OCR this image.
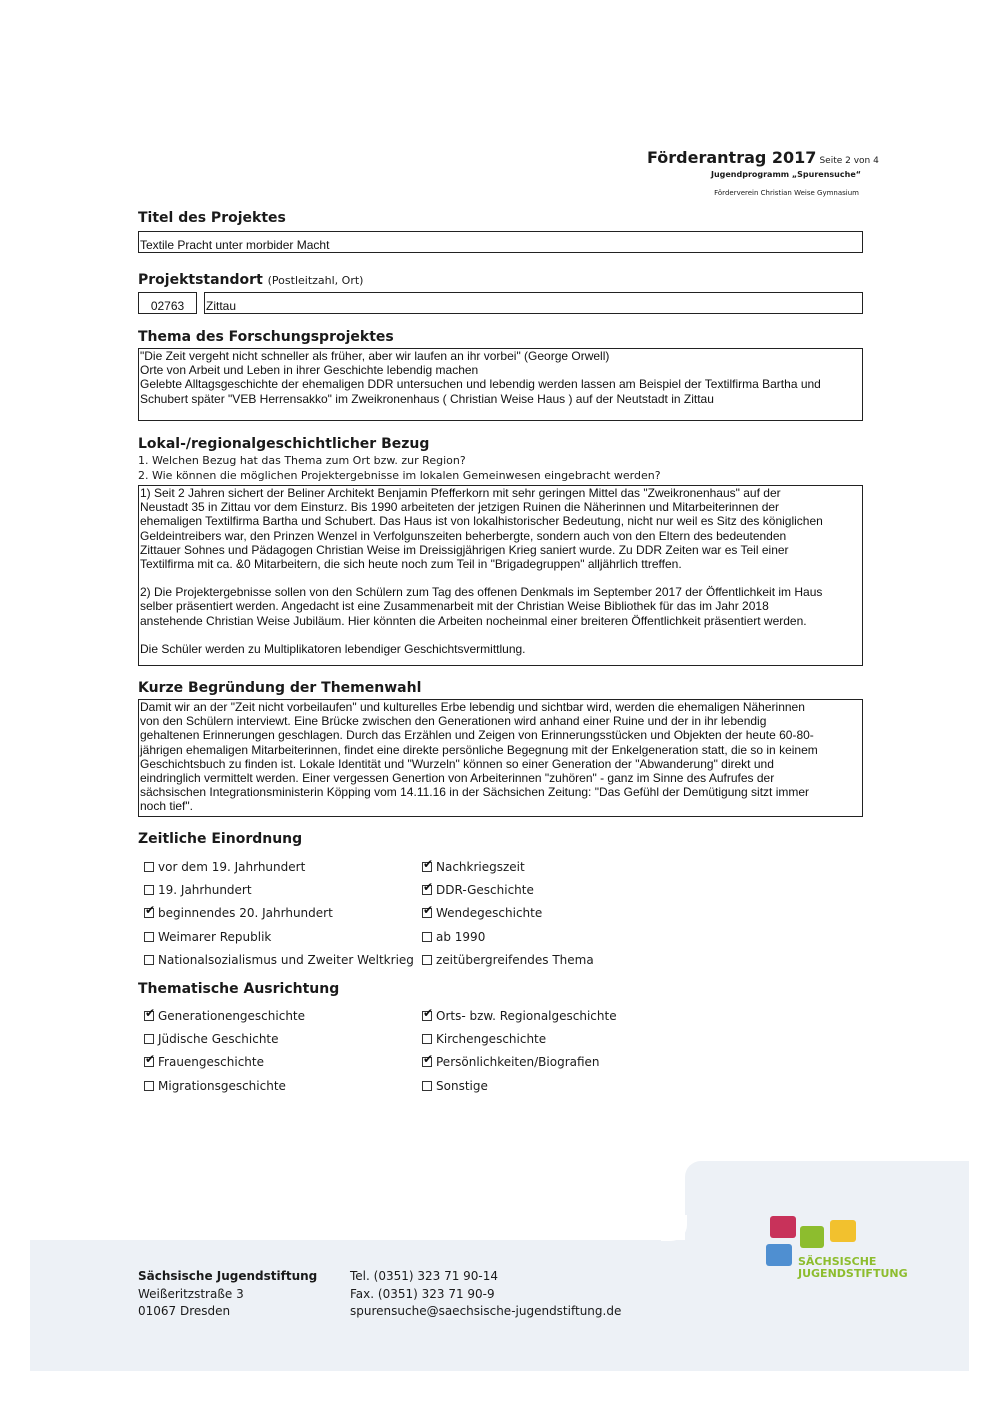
Förderantrag 2017 Seite 2 von 4
Jugendprogramm „Spurensuche“
Förderverein Christian Weise Gymnasium
Titel des Projektes

Textile Pracht unter morbider Macht

Projektstandort (Postleitzahl, Ort)

02763	Zittau

Thema des Forschungsprojektes

"Die Zeit vergeht nicht schneller als früher, aber wir laufen an ihr vorbei" (George Orwell)

Orte von Arbeit und Leben in ihrer Geschichte lebendig machen

Gelebte Alltagsgeschichte der ehemaligen DDR untersuchen und lebendig werden lassen am Beispiel der Textilfirma Bartha und

Schubert später "VEB Herrensakko" im Zweikronenhaus ( Christian Weise Haus ) auf der Neutstadt in Zittau

Lokal-/regionalgeschichtlicher Bezug
1. Welchen Bezug hat das Thema zum Ort bzw. zur Region?
2. Wie können die möglichen Projektergebnisse im lokalen Gemeinwesen eingebracht werden?

1) Seit 2 Jahren sichert der Beliner Architekt Benjamin Pfefferkorn mit sehr geringen Mittel das "Zweikronenhaus" auf der

Neustadt 35 in Zittau vor dem Einsturz. Bis 1990 arbeiteten der jetzigen Ruinen die Näherinnen und Mitarbeiterinnen der

ehemaligen Textilfirma Bartha und Schubert. Das Haus ist von lokalhistorischer Bedeutung, nicht nur weil es Sitz des königlichen

Geldeintreibers war, den Prinzen Wenzel in Verfolgunszeiten beherbergte, sondern auch von den Eltern des bedeutenden

Zittauer Sohnes und Pädagogen Christian Weise im Dreissigjährigen Krieg saniert wurde. Zu DDR Zeiten war es Teil einer

Textilfirma mit ca. &0 Mitarbeitern, die sich heute noch zum Teil in "Brigadegruppen" alljährlich ttreffen.

2) Die Projektergebnisse sollen von den Schülern zum Tag des offenen Denkmals im September 2017 der Öffentlichkeit im Haus

selber präsentiert werden. Angedacht ist eine Zusammenarbeit mit der Christian Weise Bibliothek für das im Jahr 2018

anstehende Christian Weise Jubiläum. Hier könnten die Arbeiten nocheinmal einer breiteren Öffentlichkeit präsentiert werden.

Die Schüler werden zu Multiplikatoren lebendiger Geschichtsvermittlung.

Kurze Begründung der Themenwahl

Damit wir an der "Zeit nicht vorbeilaufen" und kulturelles Erbe lebendig und sichtbar wird, werden die ehemaligen Näherinnen

von den Schülern interviewt. Eine Brücke zwischen den Generationen wird anhand einer Ruine und der in ihr lebendig

gehaltenen Erinnerungen geschlagen. Durch das Erzählen und Zeigen von Erinnerungsstücken und Objekten der heute 60-80-

jährigen ehemaligen Mitarbeiterinnen, findet eine direkte persönliche Begegnung mit der Enkelgeneration statt, die so in keinem

Geschichtsbuch zu finden ist. Lokale Identität und "Wurzeln" können so einer Generation der "Abwanderung" direkt und

eindringlich vermittelt werden. Einer vergessen Genertion von Arbeiterinnen "zuhören" - ganz im Sinne des Aufrufes der

sächsischen Integrationsministerin Köpping vom 14.11.16 in der Sächsichen Zeitung: "Das Gefühl der Demütigung sitzt immer

noch tief".

Zeitliche Einordnung
vor dem 19. Jahrhundert
19. Jahrhundert
✔ beginnendes 20. Jahrhundert
Weimarer Republik
Nationalsozialismus und Zweiter Weltkrieg
✔ Nachkriegszeit
✔ DDR-Geschichte
✔ Wendegeschichte
ab 1990
zeitübergreifendes Thema
Thematische Ausrichtung
✔ Generationengeschichte
Jüdische Geschichte
✔ Frauengeschichte
Migrationsgeschichte
✔ Orts- bzw. Regionalgeschichte
Kirchengeschichte
✔ Persönlichkeiten/Biografien
Sonstige
Sächsische Jugendstiftung
Weißeritzstraße 3
01067 Dresden
Tel. (0351) 323 71 90-14
Fax. (0351) 323 71 90-9
spurensuche@saechsische-jugendstiftung.de
SÄCHSISCHE
JUGENDSTIFTUNG
